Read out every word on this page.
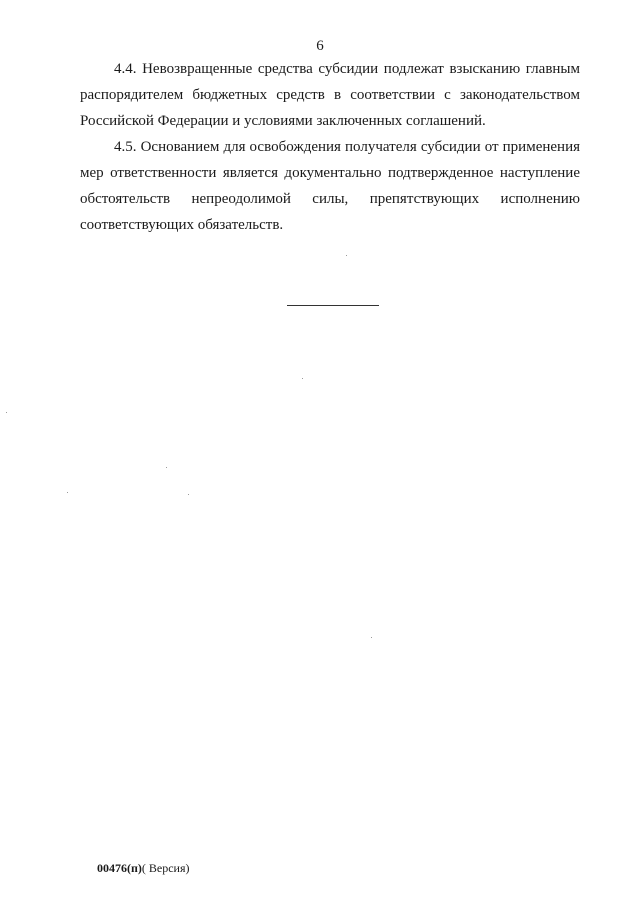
6

4.4. Невозвращенные средства субсидии подлежат взысканию главным распорядителем бюджетных средств в соответствии с законодательством Российской Федерации и условиями заключенных соглашений.

4.5. Основанием для освобождения получателя субсидии от применения мер ответственности является документально подтвержденное наступление обстоятельств непреодолимой силы, препятствующих исполнению соответствующих обязательств.

00476(п)( Версия)
